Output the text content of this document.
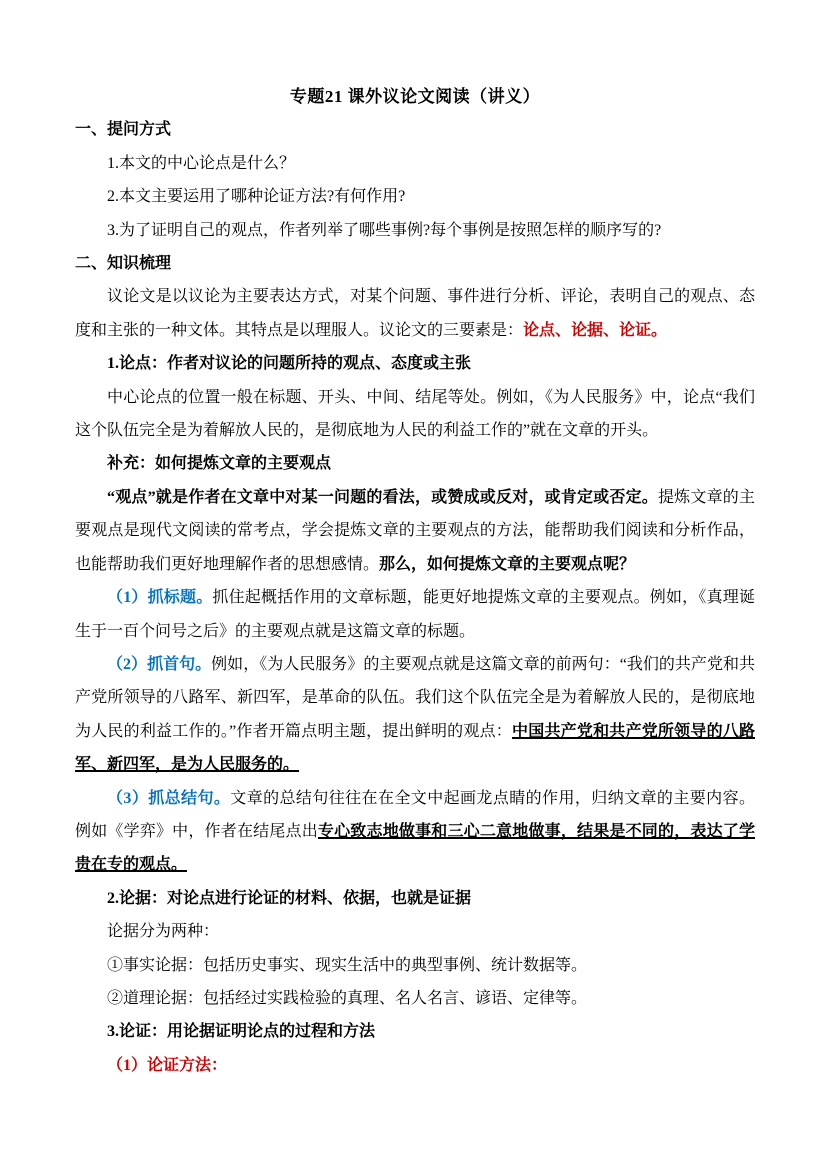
专题21 课外议论文阅读（讲义）

一、提问方式

1.本文的中心论点是什么？

2.本文主要运用了哪种论证方法?有何作用?

3.为了证明自己的观点，作者列举了哪些事例?每个事例是按照怎样的顺序写的?

二、知识梳理

议论文是以议论为主要表达方式，对某个问题、事件进行分析、评论，表明自己的观点、态度和主张的一种文体。其特点是以理服人。议论文的三要素是：论点、论据、论证。

1.论点：作者对议论的问题所持的观点、态度或主张

中心论点的位置一般在标题、开头、中间、结尾等处。例如，《为人民服务》中，论点“我们这个队伍完全是为着解放人民的，是彻底地为人民的利益工作的”就在文章的开头。

补充：如何提炼文章的主要观点

“观点”就是作者在文章中对某一问题的看法，或赞成或反对，或肯定或否定。提炼文章的主要观点是现代文阅读的常考点，学会提炼文章的主要观点的方法，能帮助我们阅读和分析作品，也能帮助我们更好地理解作者的思想感情。那么，如何提炼文章的主要观点呢？

（1）抓标题。抓住起概括作用的文章标题，能更好地提炼文章的主要观点。例如，《真理诞生于一百个问号之后》的主要观点就是这篇文章的标题。

（2）抓首句。例如，《为人民服务》的主要观点就是这篇文章的前两句：“我们的共产党和共产党所领导的八路军、新四军，是革命的队伍。我们这个队伍完全是为着解放人民的，是彻底地为人民的利益工作的。”作者开篇点明主题，提出鲜明的观点：中国共产党和共产党所领导的八路军、新四军，是为人民服务的。

（3）抓总结句。文章的总结句往往在在全文中起画龙点睛的作用，归纳文章的主要内容。例如《学弈》中，作者在结尾点出专心致志地做事和三心二意地做事，结果是不同的，表达了学贵在专的观点。

2.论据：对论点进行论证的材料、依据，也就是证据

论据分为两种：

①事实论据：包括历史事实、现实生活中的典型事例、统计数据等。

②道理论据：包括经过实践检验的真理、名人名言、谚语、定律等。

3.论证：用论据证明论点的过程和方法

（1）论证方法：
